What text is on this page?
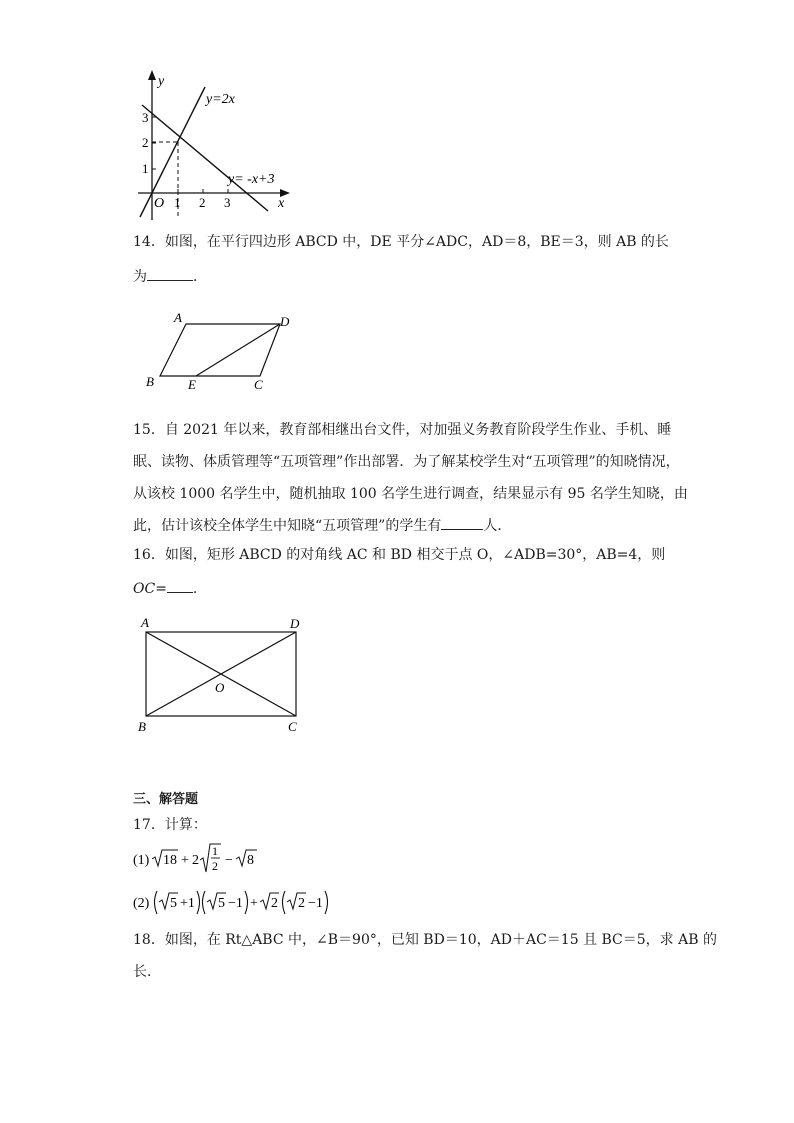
y
x
O
y=2x
y= -x+3
1 2 3
1
2
3
14．如图，在平行四边形 ABCD 中，DE 平分∠ADC，AD＝8，BE＝3，则 AB 的长
为	．
A	D
B	E	C
15．自 2021 年以来，教育部相继出台文件，对加强义务教育阶段学生作业、手机、睡
眠、读物、体质管理等“五项管理”作出部署．为了解某校学生对“五项管理”的知晓情况，
从该校 1000 名学生中，随机抽取 100 名学生进行调查，结果显示有 95 名学生知晓，由
此，估计该校全体学生中知晓“五项管理”的学生有	人．
16．如图，矩形 ABCD 的对角线 AC 和 BD 相交于点 O，∠ADB=30°，AB=4，则
OC= .
A	D
B	C
O
三、解答题
17．计算：
(1) 18 + 2
1
2 − 8
(2) 5 +1 5 −1 + 2 2 −1
18．如图，在 Rt△ABC 中，∠B＝90°，已知 BD＝10，AD＋AC＝15 且 BC＝5，求 AB 的
长．
